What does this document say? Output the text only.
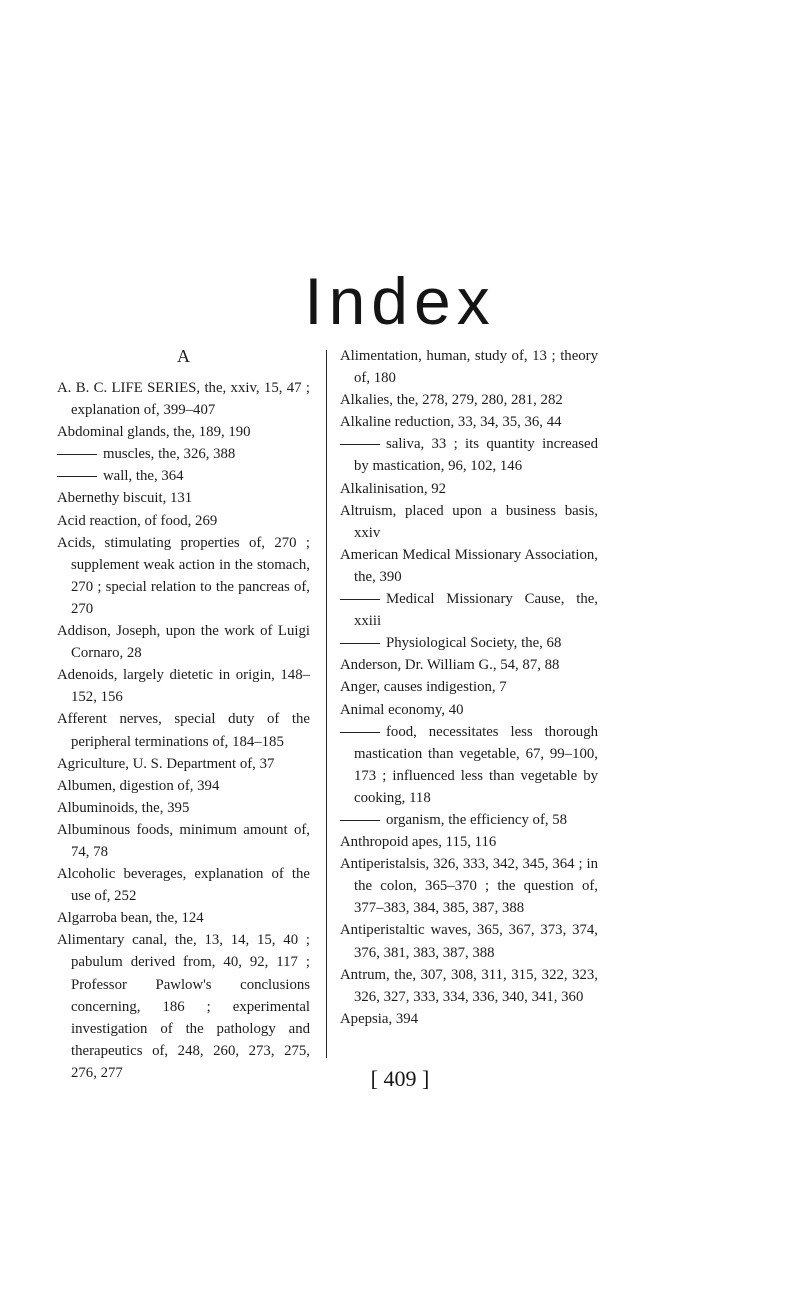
Index
A

A. B. C. LIFE SERIES, the, xxiv, 15, 47 ; explanation of, 399–407

Abdominal glands, the, 189, 190

muscles, the, 326, 388

wall, the, 364

Abernethy biscuit, 131

Acid reaction, of food, 269

Acids, stimulating properties of, 270 ; supplement weak action in the stomach, 270 ; special relation to the pancreas of, 270

Addison, Joseph, upon the work of Luigi Cornaro, 28

Adenoids, largely dietetic in origin, 148–152, 156

Afferent nerves, special duty of the peripheral terminations of, 184–185

Agriculture, U. S. Department of, 37

Albumen, digestion of, 394

Albuminoids, the, 395

Albuminous foods, minimum amount of, 74, 78

Alcoholic beverages, explanation of the use of, 252

Algarroba bean, the, 124

Alimentary canal, the, 13, 14, 15, 40 ; pabulum derived from, 40, 92, 117 ; Professor Pawlow's conclusions concerning, 186 ; experimental investigation of the pathology and therapeutics of, 248, 260, 273, 275, 276, 277

Alimentation, human, study of, 13 ; theory of, 180

Alkalies, the, 278, 279, 280, 281, 282

Alkaline reduction, 33, 34, 35, 36, 44

saliva, 33 ; its quantity increased by mastication, 96, 102, 146

Alkalinisation, 92

Altruism, placed upon a business basis, xxiv

American Medical Missionary Association, the, 390

Medical Missionary Cause, the, xxiii

Physiological Society, the, 68

Anderson, Dr. William G., 54, 87, 88

Anger, causes indigestion, 7

Animal economy, 40

food, necessitates less thorough mastication than vegetable, 67, 99–100, 173 ; influenced less than vegetable by cooking, 118

organism, the efficiency of, 58

Anthropoid apes, 115, 116

Antiperistalsis, 326, 333, 342, 345, 364 ; in the colon, 365–370 ; the question of, 377–383, 384, 385, 387, 388

Antiperistaltic waves, 365, 367, 373, 374, 376, 381, 383, 387, 388

Antrum, the, 307, 308, 311, 315, 322, 323, 326, 327, 333, 334, 336, 340, 341, 360

Apepsia, 394

[ 409 ]
